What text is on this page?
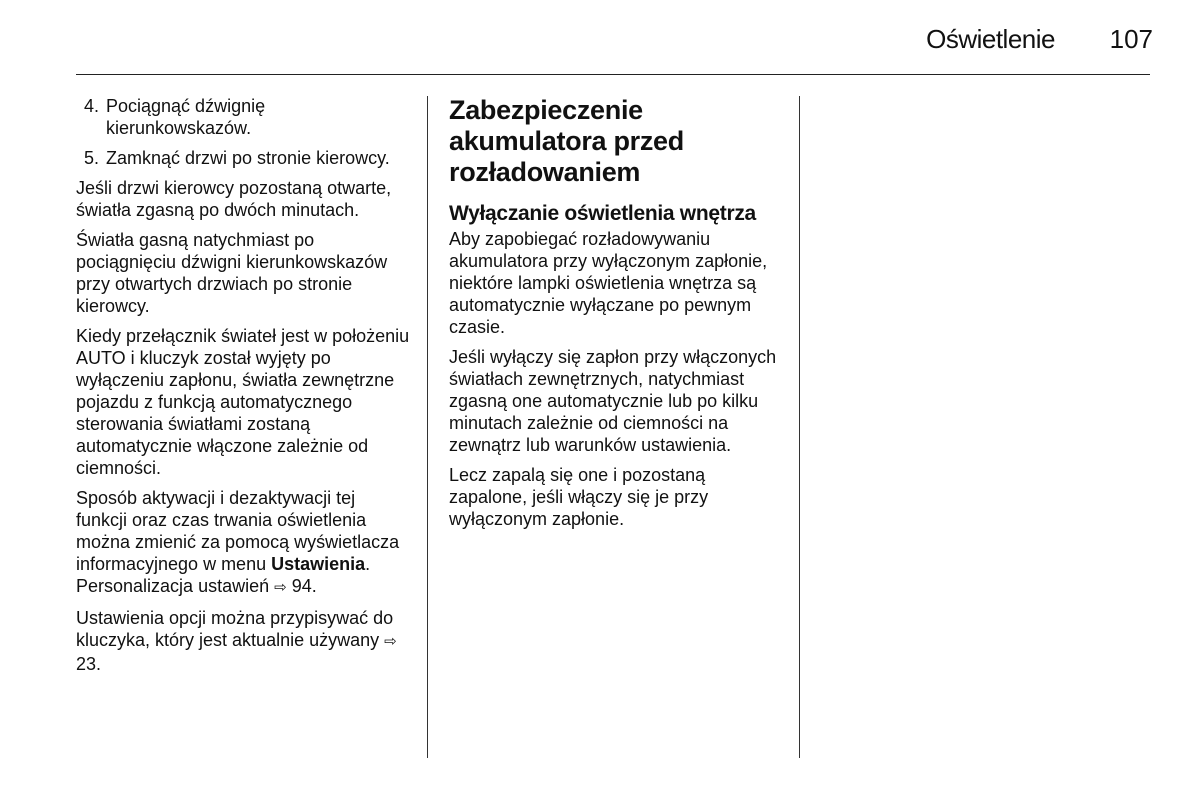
Oświetlenie 107
4. Pociągnąć dźwignię kierunkowskazów.
5. Zamknąć drzwi po stronie kierowcy.

Jeśli drzwi kierowcy pozostaną otwarte, światła zgasną po dwóch minutach.

Światła gasną natychmiast po pociągnięciu dźwigni kierunkowskazów przy otwartych drzwiach po stronie kierowcy.

Kiedy przełącznik świateł jest w położeniu AUTO i kluczyk został wyjęty po wyłączeniu zapłonu, światła zewnętrzne pojazdu z funkcją automatycznego sterowania światłami zostaną automatycznie włączone zależnie od ciemności.

Sposób aktywacji i dezaktywacji tej funkcji oraz czas trwania oświetlenia można zmienić za pomocą wyświetlacza informacyjnego w menu Ustawienia. Personalizacja ustawień ⇨ 94.

Ustawienia opcji można przypisywać do kluczyka, który jest aktualnie używany ⇨ 23.

Zabezpieczenie akumulatora przed rozładowaniem
Wyłączanie oświetlenia wnętrza

Aby zapobiegać rozładowywaniu akumulatora przy wyłączonym zapłonie, niektóre lampki oświetlenia wnętrza są automatycznie wyłączane po pewnym czasie.

Jeśli wyłączy się zapłon przy włączonych światłach zewnętrznych, natychmiast zgasną one automatycznie lub po kilku minutach zależnie od ciemności na zewnątrz lub warunków ustawienia.

Lecz zapalą się one i pozostaną zapalone, jeśli włączy się je przy wyłączonym zapłonie.
